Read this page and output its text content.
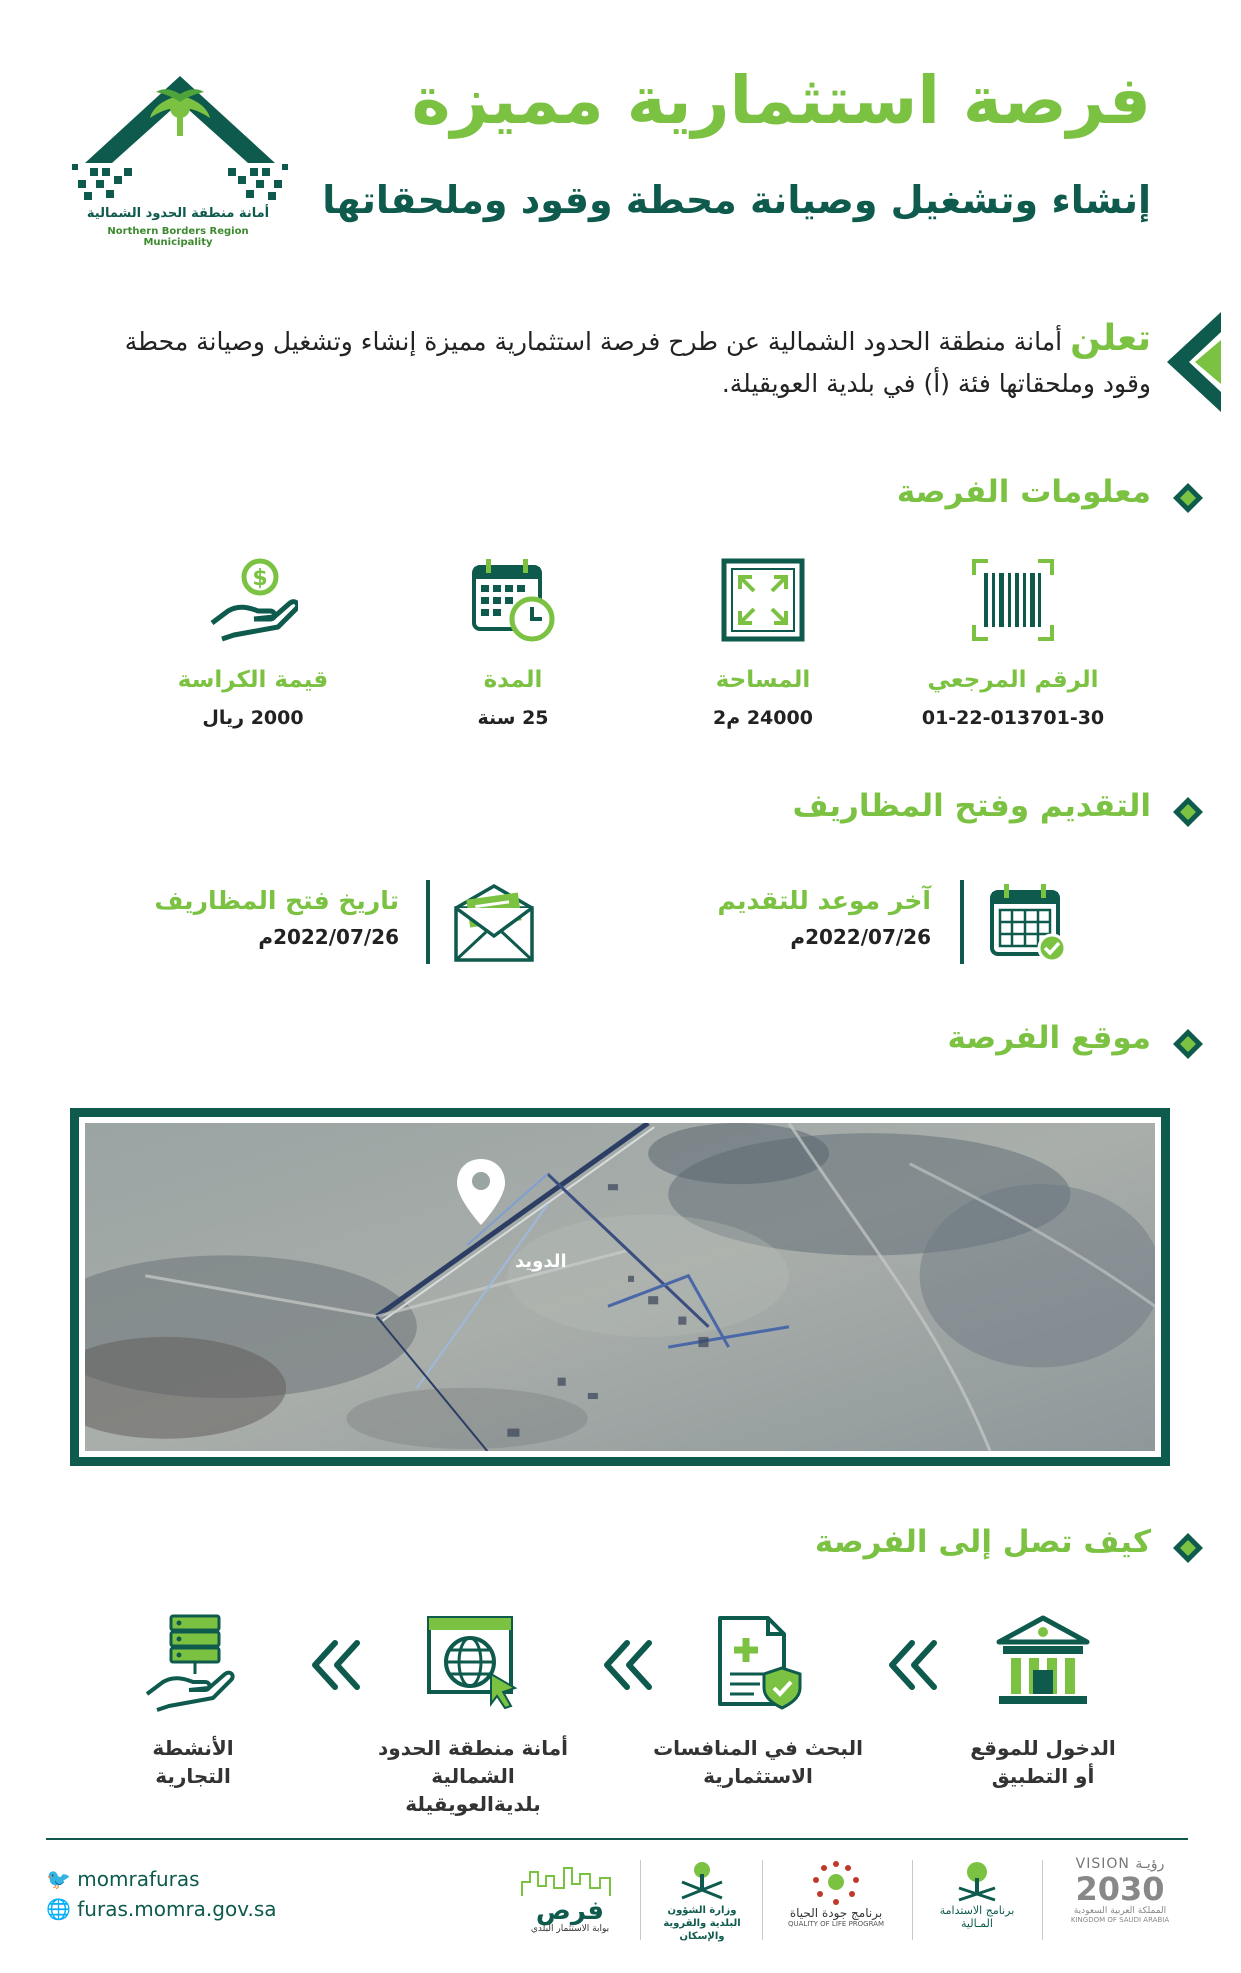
أمانة منطقة الحدود الشمالية
Northern Borders Region Municipality
فرصة استثمارية مميزة
إنشاء وتشغيل وصيانة محطة وقود وملحقاتها
تعلن أمانة منطقة الحدود الشمالية عن طرح فرصة استثمارية مميزة إنشاء وتشغيل وصيانة محطة وقود وملحقاتها فئة (أ) في بلدية العويقيلة.
معلومات الفرصة
الرقم المرجعي
01-22-013701-30
المساحة
24000 م2
المدة
25 سنة
$
قيمة الكراسة
2000 ريال
التقديم وفتح المظاريف
آخر موعد للتقديم
2022/07/26م
تاريخ فتح المظاريف
2022/07/26م
موقع الفرصة
الدويد
كيف تصل إلى الفرصة
الدخول للموقع
أو التطبيق
البحث في المنافسات
الاستثمارية
أمانة منطقة الحدود الشمالية
بلديةالعويقيلة
الأنشطة
التجارية
🐦 momrafuras
🌐 furas.momra.gov.sa	فرص
بوابة الاستثمار البلدي
وزارة الشؤون البلدية والقروية والإسكان
برنامج جودة الحياة
QUALITY OF LIFE PROGRAM
برنامج الاستدامة
المـالية
VISION رؤيـة
2030
المملكة العربية السعودية
KINGDOM OF SAUDI ARABIA
